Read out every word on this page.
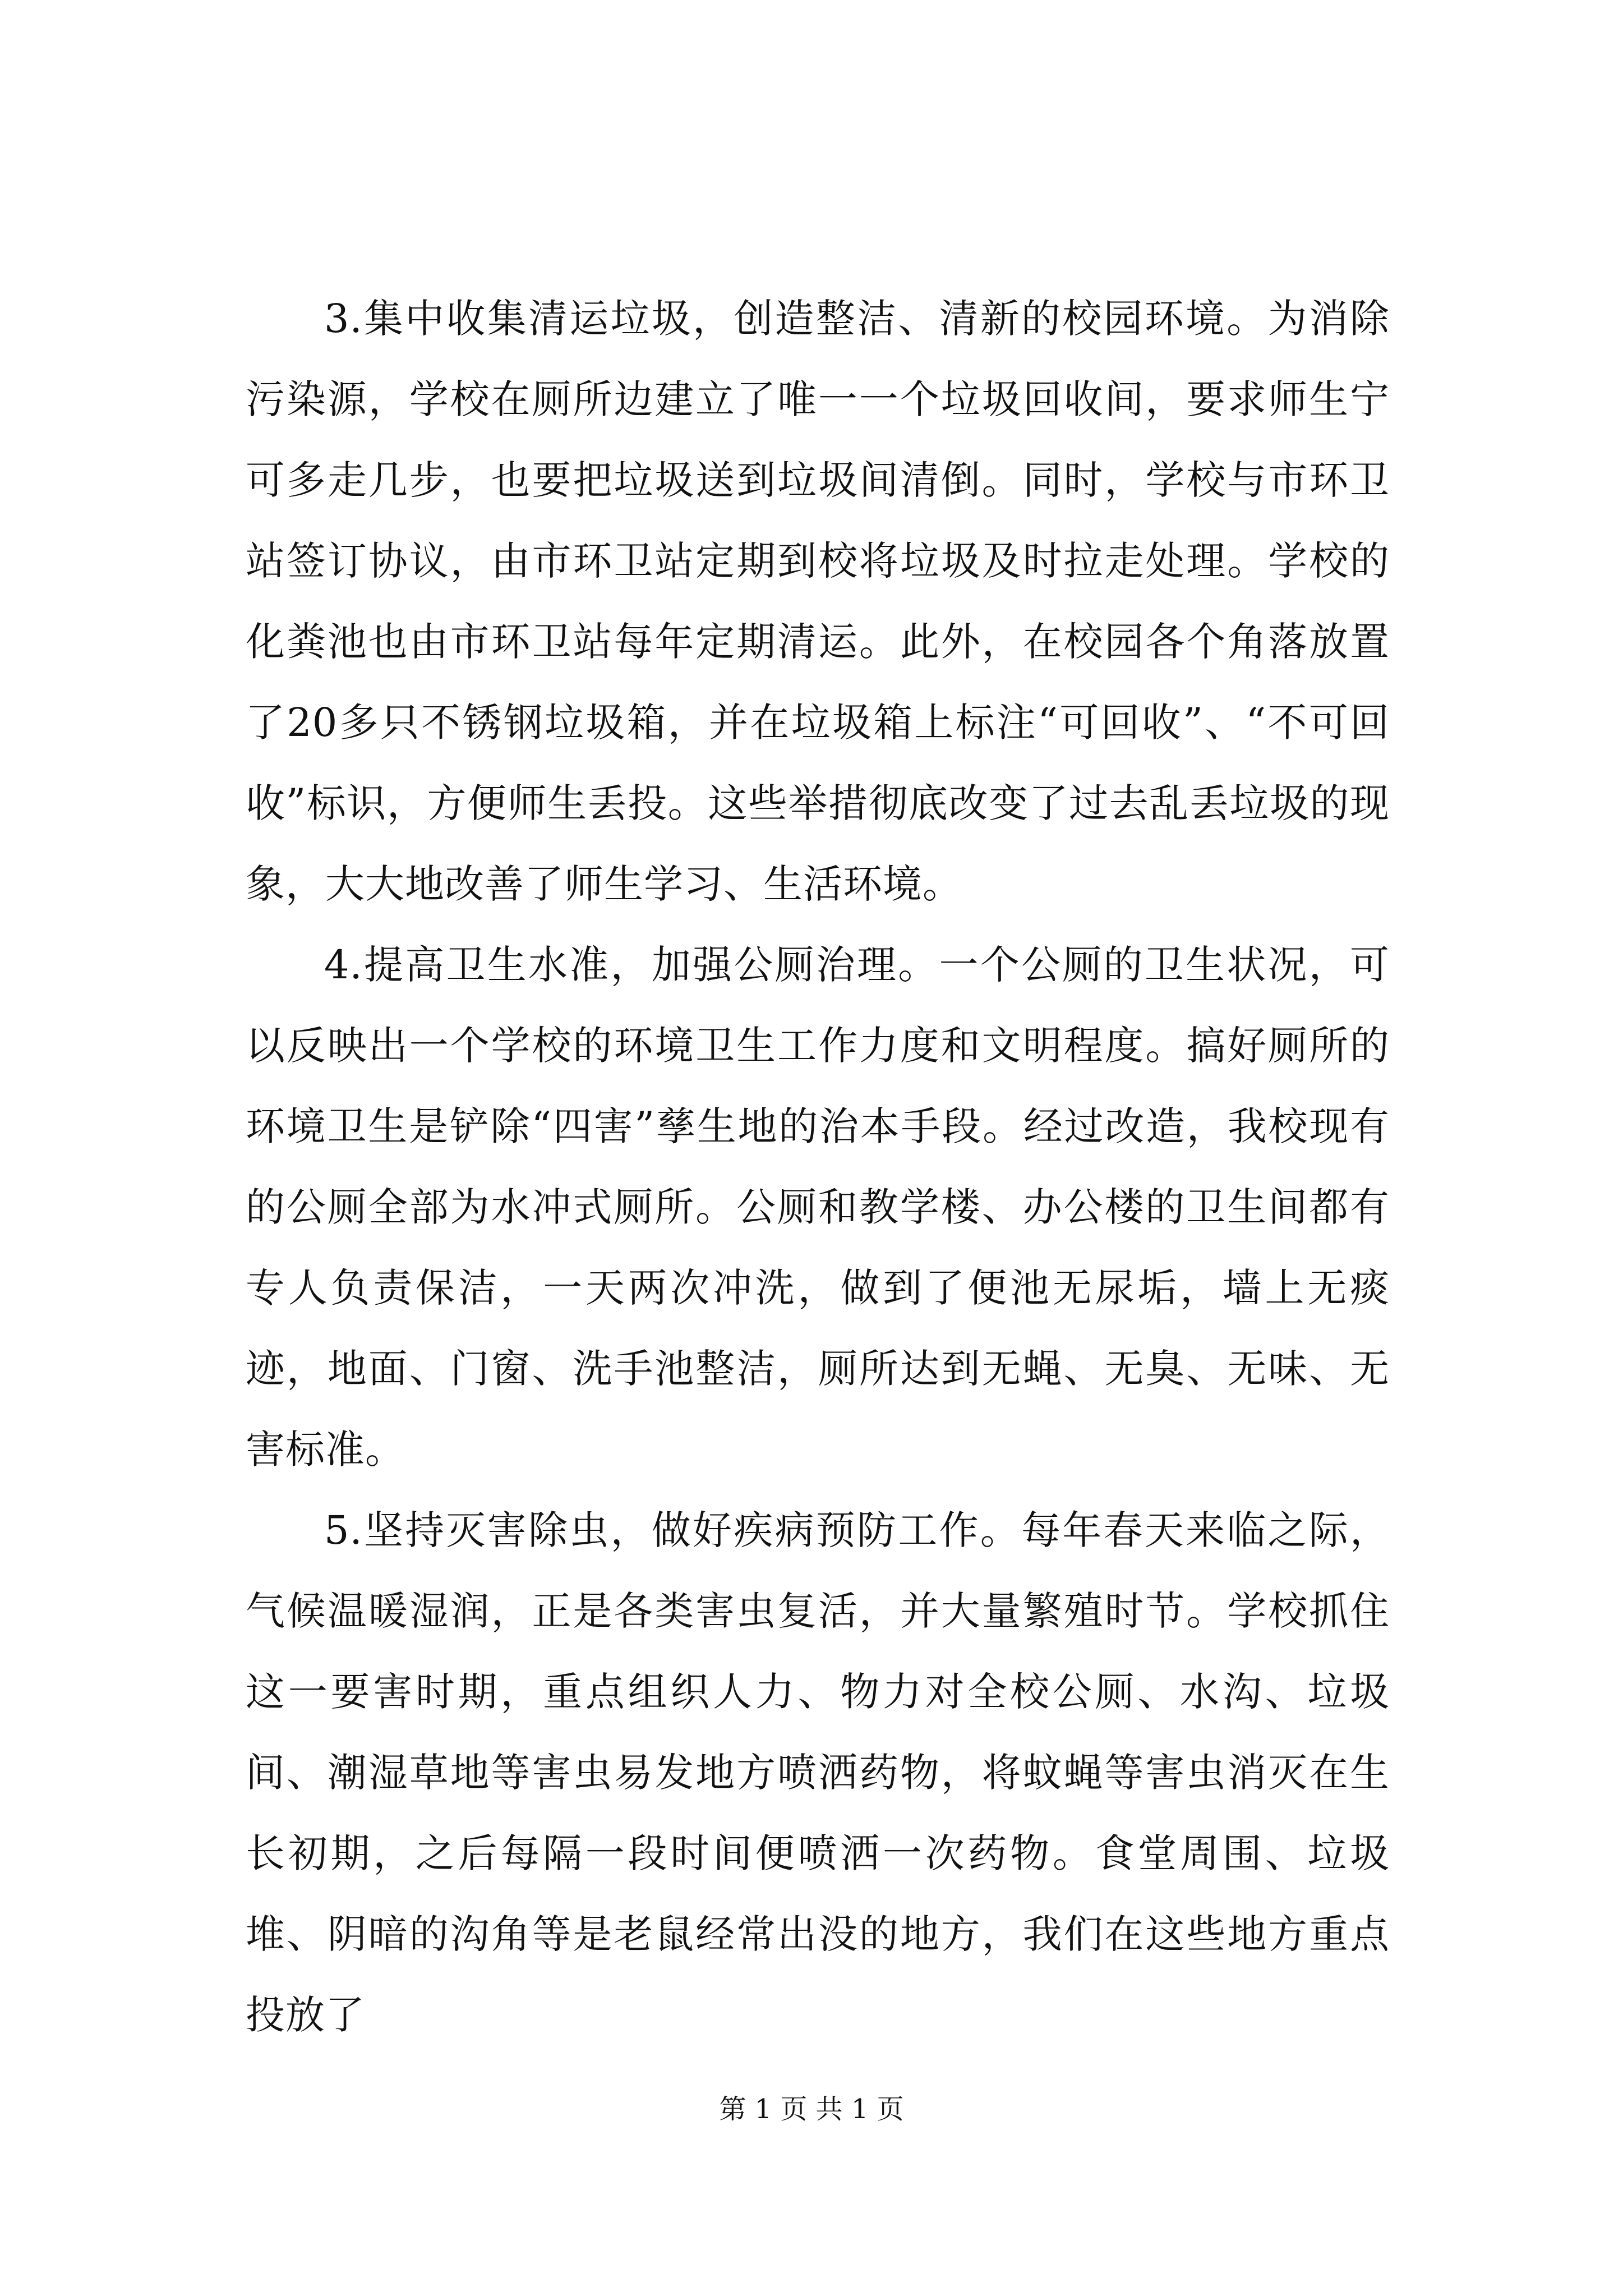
3.集中收集清运垃圾，创造整洁、清新的校园环境。为消除污染源，学校在厕所边建立了唯一一个垃圾回收间，要求师生宁可多走几步，也要把垃圾送到垃圾间清倒。同时，学校与市环卫站签订协议，由市环卫站定期到校将垃圾及时拉走处理。学校的化粪池也由市环卫站每年定期清运。此外，在校园各个角落放置了20多只不锈钢垃圾箱，并在垃圾箱上标注“可回收”、“不可回收”标识，方便师生丢投。这些举措彻底改变了过去乱丢垃圾的现象，大大地改善了师生学习、生活环境。

4.提高卫生水准，加强公厕治理。一个公厕的卫生状况，可以反映出一个学校的环境卫生工作力度和文明程度。搞好厕所的环境卫生是铲除“四害”孳生地的治本手段。经过改造，我校现有的公厕全部为水冲式厕所。公厕和教学楼、办公楼的卫生间都有专人负责保洁，一天两次冲洗，做到了便池无尿垢，墙上无痰迹，地面、门窗、洗手池整洁，厕所达到无蝇、无臭、无味、无害标准。

5.坚持灭害除虫，做好疾病预防工作。每年春天来临之际，气候温暖湿润，正是各类害虫复活，并大量繁殖时节。学校抓住这一要害时期，重点组织人力、物力对全校公厕、水沟、垃圾间、潮湿草地等害虫易发地方喷洒药物，将蚊蝇等害虫消灭在生长初期，之后每隔一段时间便喷洒一次药物。食堂周围、垃圾堆、阴暗的沟角等是老鼠经常出没的地方，我们在这些地方重点投放了

第 1 页 共 1 页
